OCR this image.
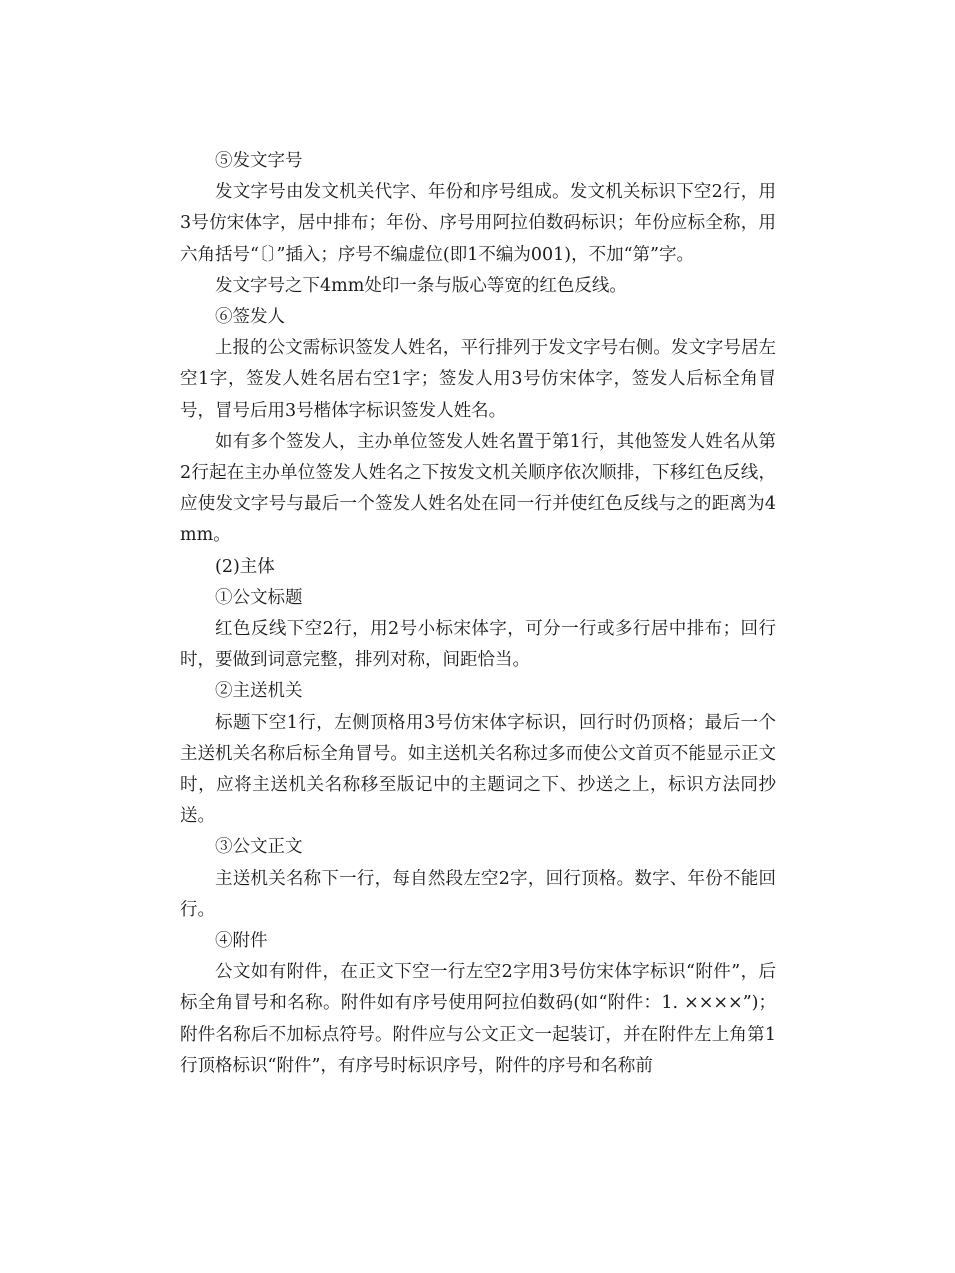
⑤发文字号

发文字号由发文机关代字、年份和序号组成。发文机关标识下空2行，用3号仿宋体字，居中排布；年份、序号用阿拉伯数码标识；年份应标全称，用六角括号“〔〕”插入；序号不编虚位(即1不编为001)，不加“第”字。

发文字号之下4mm处印一条与版心等宽的红色反线。

⑥签发人

上报的公文需标识签发人姓名，平行排列于发文字号右侧。发文字号居左空1字，签发人姓名居右空1字；签发人用3号仿宋体字，签发人后标全角冒号，冒号后用3号楷体字标识签发人姓名。

如有多个签发人，主办单位签发人姓名置于第1行，其他签发人姓名从第2行起在主办单位签发人姓名之下按发文机关顺序依次顺排，下移红色反线，应使发文字号与最后一个签发人姓名处在同一行并使红色反线与之的距离为4mm。

(2)主体

①公文标题

红色反线下空2行，用2号小标宋体字，可分一行或多行居中排布；回行时，要做到词意完整，排列对称，间距恰当。

②主送机关

标题下空1行，左侧顶格用3号仿宋体字标识，回行时仍顶格；最后一个主送机关名称后标全角冒号。如主送机关名称过多而使公文首页不能显示正文时，应将主送机关名称移至版记中的主题词之下、抄送之上，标识方法同抄送。

③公文正文

主送机关名称下一行，每自然段左空2字，回行顶格。数字、年份不能回行。

④附件

公文如有附件，在正文下空一行左空2字用3号仿宋体字标识“附件”，后标全角冒号和名称。附件如有序号使用阿拉伯数码(如“附件：1. ××××”)；附件名称后不加标点符号。附件应与公文正文一起装订，并在附件左上角第1行顶格标识“附件”，有序号时标识序号，附件的序号和名称前
